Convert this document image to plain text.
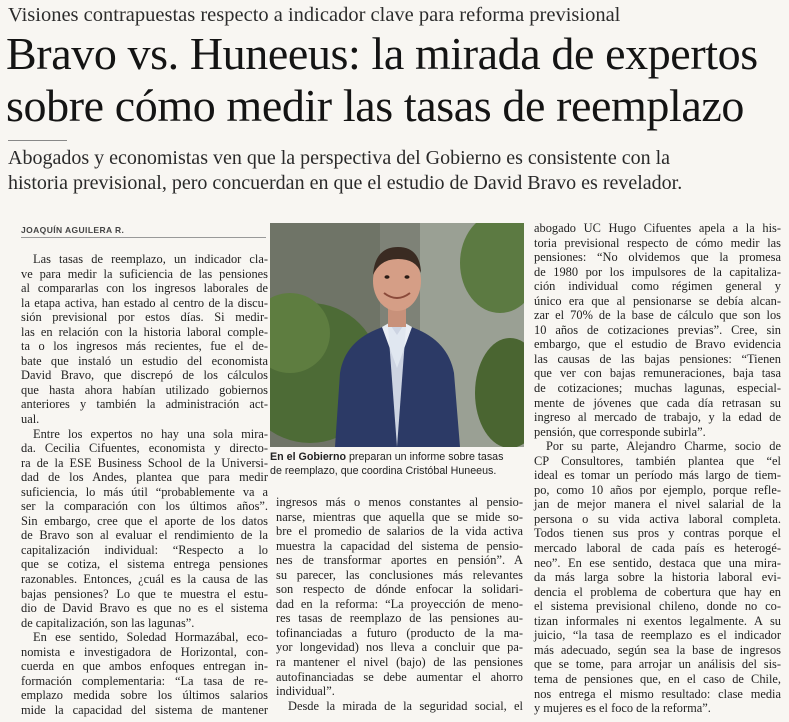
Visiones contrapuestas respecto a indicador clave para reforma previsional
Bravo vs. Huneeus: la mirada de expertos
sobre cómo medir las tasas de reemplazo
Abogados y economistas ven que la perspectiva del Gobierno es consistente con la
historia previsional, pero concuerdan en que el estudio de David Bravo es revelador.
JOAQUÍN AGUILERA R.
Las tasas de reemplazo, un indicador cla-
ve para medir la suficiencia de las pensiones
al compararlas con los ingresos laborales de
la etapa activa, han estado al centro de la discu-
sión previsional por estos días. Si medir-
las en relación con la historia laboral comple-
ta o los ingresos más recientes, fue el de-
bate que instaló un estudio del economista
David Bravo, que discrepó de los cálculos
que hasta ahora habían utilizado gobiernos
anteriores y también la administración act-
ual.
Entre los expertos no hay una sola mira-
da. Cecilia Cifuentes, economista y directo-
ra de la ESE Business School de la Universi-
dad de los Andes, plantea que para medir
suficiencia, lo más útil “probablemente va a
ser la comparación con los últimos años”.
Sin embargo, cree que el aporte de los datos
de Bravo son al evaluar el rendimiento de la
capitalización individual: “Respecto a lo
que se cotiza, el sistema entrega pensiones
razonables. Entonces, ¿cuál es la causa de las
bajas pensiones? Lo que te muestra el estu-
dio de David Bravo es que no es el sistema
de capitalización, son las lagunas”.
En ese sentido, Soledad Hormazábal, eco-
nomista e investigadora de Horizontal, con-
cuerda en que ambos enfoques entregan in-
formación complementaria: “La tasa de re-
emplazo medida sobre los últimos salarios
mide la capacidad del sistema de mantener
En el Gobierno preparan un informe sobre tasas
de reemplazo, que coordina Cristóbal Huneeus.
ingresos más o menos constantes al pensio-
narse, mientras que aquella que se mide so-
bre el promedio de salarios de la vida activa
muestra la capacidad del sistema de pensio-
nes de transformar aportes en pensión”. A
su parecer, las conclusiones más relevantes
son respecto de dónde enfocar la solidari-
dad en la reforma: “La proyección de meno-
res tasas de reemplazo de las pensiones au-
tofinanciadas a futuro (producto de la ma-
yor longevidad) nos lleva a concluir que pa-
ra mantener el nivel (bajo) de las pensiones
autofinanciadas se debe aumentar el ahorro
individual”.
Desde la mirada de la seguridad social, el
abogado UC Hugo Cifuentes apela a la his-
toria previsional respecto de cómo medir las
pensiones: “No olvidemos que la promesa
de 1980 por los impulsores de la capitaliza-
ción individual como régimen general y
único era que al pensionarse se debía alcan-
zar el 70% de la base de cálculo que son los
10 años de cotizaciones previas”. Cree, sin
embargo, que el estudio de Bravo evidencia
las causas de las bajas pensiones: “Tienen
que ver con bajas remuneraciones, baja tasa
de cotizaciones; muchas lagunas, especial-
mente de jóvenes que cada día retrasan su
ingreso al mercado de trabajo, y la edad de
pensión, que corresponde subirla”.
Por su parte, Alejandro Charme, socio de
CP Consultores, también plantea que “el
ideal es tomar un período más largo de tiem-
po, como 10 años por ejemplo, porque refle-
jan de mejor manera el nivel salarial de la
persona o su vida activa laboral completa.
Todos tienen sus pros y contras porque el
mercado laboral de cada país es heterogé-
neo”. En ese sentido, destaca que una mira-
da más larga sobre la historia laboral evi-
dencia el problema de cobertura que hay en
el sistema previsional chileno, donde no co-
tizan informales ni exentos legalmente. A su
juicio, “la tasa de reemplazo es el indicador
más adecuado, según sea la base de ingresos
que se tome, para arrojar un análisis del sis-
tema de pensiones que, en el caso de Chile,
nos entrega el mismo resultado: clase media
y mujeres es el foco de la reforma”.
